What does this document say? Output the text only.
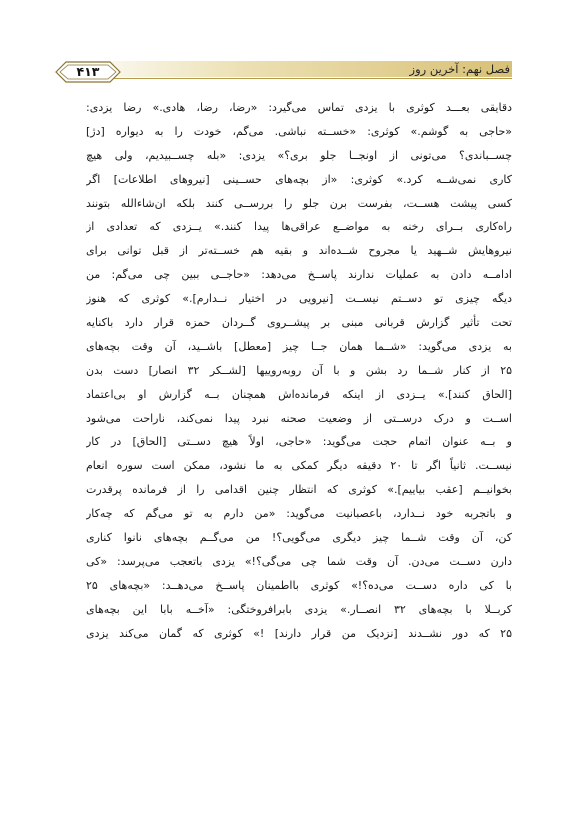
فصل نهم: آخرین روز
۴۱۳
دقایقی بعـــد کوثری با یزدی تماس می‌گیرد: «رضا، رضا، هادی.» رضا یزدی:
«حاجی به گوشم.» کوثری: «خســته نباشی. می‌گم، خودت را به دیواره [دژ]
چســباندی؟ می‌تونی از اونجــا جلو بری؟» یزدی: «بله چســبیدیم، ولی هیچ
کاری نمی‌شــه کرد.» کوثری: «از بچه‌های حســینی [نیروهای اطلاعات] اگر
کسی پیشت هســت، بفرست برن جلو را بررســی کنند بلکه ان‌شاءالله بتونند
راه‌کاری بــرای رخنه به مواضــع عراقی‌ها پیدا کنند.» یــزدی که تعدادی از
نیروهایش شــهید یا مجروح شــده‌اند و بقیه هم خســته‌تر از قبل توانی برای
ادامــه دادن به عملیات ندارند پاســخ می‌دهد: «حاجــی ببین چی می‌گم: من
دیگه چیزی تو دســتم نیســت [نیرویی در اختیار نــدارم].» کوثری که هنوز
تحت تأثیر گزارش قربانی مبنی بر پیشــروی گــردان حمزه قرار دارد باکنایه
به یزدی می‌گوید: «شــما همان جــا چیز [معطل] باشــید، آن وقت بچه‌های
۲۵ از کنار شــما رد بشن و با آن روبه‌روییها [لشــکر ۳۲ انصار] دست بدن
[الحاق کنند].» یــزدی از اینکه فرمانده‌اش همچنان بــه گزارش او بی‌اعتماد
اســت و درک درســتی از وضعیت صحنه نبرد پیدا نمی‌کند، ناراحت می‌شود
و بــه عنوان اتمام حجت می‌گوید: «حاجی، اولاً هیچ دســتی [الحاق] در کار
نیســت. ثانیاً اگر تا ۲۰ دقیقه دیگر کمکی به ما نشود، ممکن است سوره انعام
بخوانیــم [عقب بیاییم].» کوثری که انتظار چنین اقدامی را از فرمانده پرقدرت
و باتجربه خود نــدارد، باعصبانیت می‌گوید: «من دارم به تو می‌گم که چه‌کار
کن، آن وقت شــما چیز دیگری می‌گویی؟! من می‌گــم بچه‌های نانوا کناری
دارن دســت می‌دن. آن وقت شما چی می‌گی؟!» یزدی باتعجب می‌پرسد: «کی
با کی داره دســت می‌ده؟!» کوثری بااطمینان پاســخ می‌دهــد: «بچه‌های ۲۵
کربــلا با بچه‌های ۳۲ انصــار.» یزدی بابرافروختگی: «آخــه بابا این بچه‌های
۲۵ که دور نشــدند [نزدیک من قرار دارند] !» کوثری که گمان می‌کند یزدی
